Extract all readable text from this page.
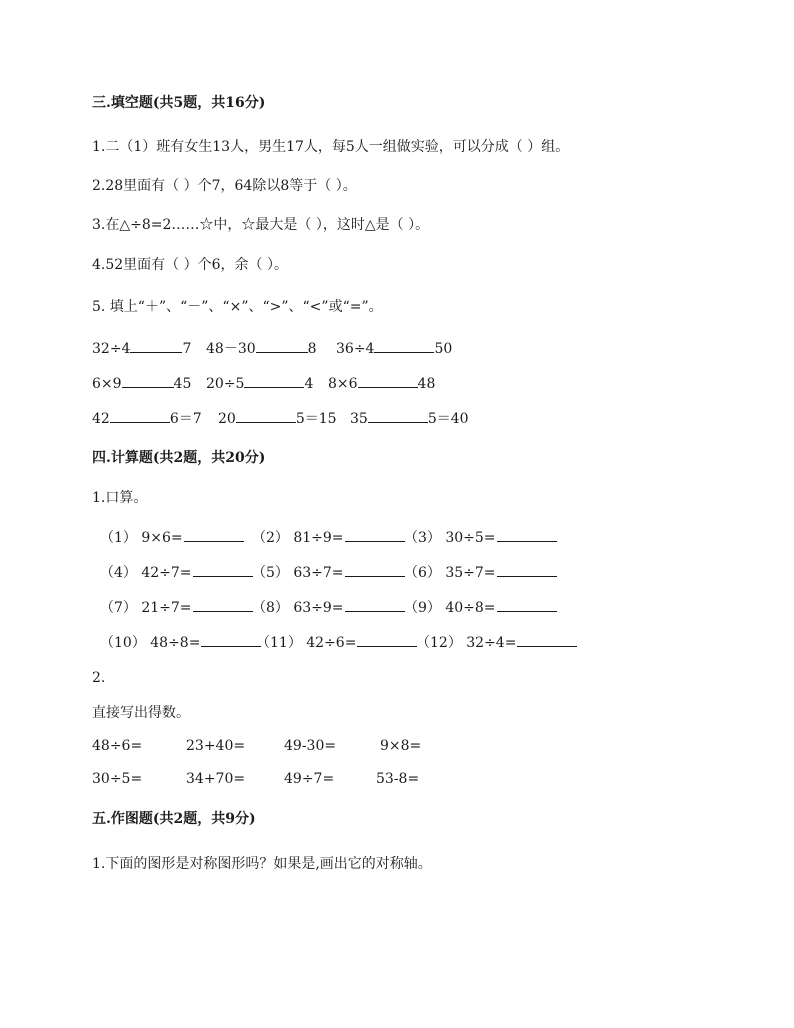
三.填空题(共5题，共16分)
1.二（1）班有女生13人，男生17人，每5人一组做实验，可以分成（ ）组。
2.28里面有（ ）个7，64除以8等于（ ）。
3.在△÷8=2……☆中，☆最大是（ ），这时△是（ ）。
4.52里面有（ ）个6，余（ ）。
5. 填上“＋”、“－”、“×”、“>”、“<”或“=”。
32÷4	7 48－30	8 36÷4	50
6×9	45 20÷5	4 8×6	48
42	6＝7 20	5＝15 35	5＝40
四.计算题(共2题，共20分)
1.口算。
（1） 9×6=	（2） 81÷9=	（3） 30÷5=
（4） 42÷7=	（5） 63÷7=	（6） 35÷7=
（7） 21÷7=	（8） 63÷9=	（9） 40÷8=
（10） 48÷8=	（11） 42÷6=	（12） 32÷4=
2.
直接写出得数。
48÷6=	23+40=	49-30=	9×8=
30÷5=	34+70=	49÷7=	53-8=
五.作图题(共2题，共9分)
1.下面的图形是对称图形吗？如果是,画出它的对称轴。
